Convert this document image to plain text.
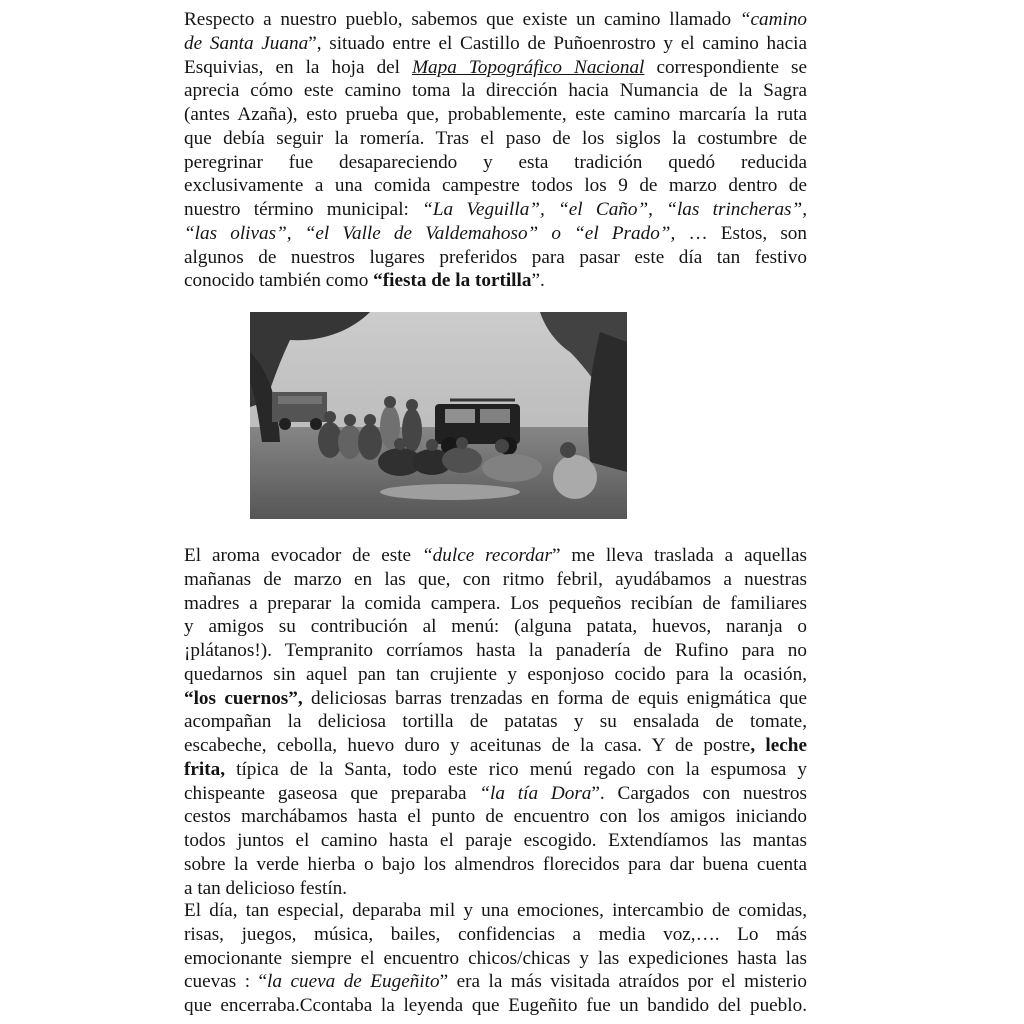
Respecto a nuestro pueblo, sabemos que existe un camino llamado “camino
de Santa Juana”, situado entre el Castillo de Puñoenrostro y el camino hacia
Esquivias, en la hoja del Mapa Topográfico Nacional correspondiente se
aprecia cómo este camino toma la dirección hacia Numancia de la Sagra
(antes Azaña), esto prueba que, probablemente, este camino marcaría la ruta
que debía seguir la romería. Tras el paso de los siglos la costumbre de
peregrinar fue desapareciendo y esta tradición quedó reducida
exclusivamente a una comida campestre todos los 9 de marzo dentro de
nuestro término municipal: “La Veguilla”, “el Caño”, “las trincheras”,
“las olivas”, “el Valle de Valdemahoso” o “el Prado”, … Estos, son
algunos de nuestros lugares preferidos para pasar este día tan festivo
conocido también como “fiesta de la tortilla”.
El aroma evocador de este “dulce recordar” me lleva traslada a aquellas
mañanas de marzo en las que, con ritmo febril, ayudábamos a nuestras
madres a preparar la comida campera. Los pequeños recibían de familiares
y amigos su contribución al menú: (alguna patata, huevos, naranja o
¡plátanos!). Tempranito corríamos hasta la panadería de Rufino para no
quedarnos sin aquel pan tan crujiente y esponjoso cocido para la ocasión,
“los cuernos”, deliciosas barras trenzadas en forma de equis enigmática que
acompañan la deliciosa tortilla de patatas y su ensalada de tomate,
escabeche, cebolla, huevo duro y aceitunas de la casa. Y de postre, leche
frita, típica de la Santa, todo este rico menú regado con la espumosa y
chispeante gaseosa que preparaba “la tía Dora”. Cargados con nuestros
cestos marchábamos hasta el punto de encuentro con los amigos iniciando
todos juntos el camino hasta el paraje escogido. Extendíamos las mantas
sobre la verde hierba o bajo los almendros florecidos para dar buena cuenta
a tan delicioso festín.
El día, tan especial, deparaba mil y una emociones, intercambio de comidas,
risas, juegos, música, bailes, confidencias a media voz,…. Lo más
emocionante siempre el encuentro chicos/chicas y las expediciones hasta las
cuevas : “la cueva de Eugeñito” era la más visitada atraídos por el misterio
que encerraba.Ccontaba la leyenda que Eugeñito fue un bandido del pueblo.
